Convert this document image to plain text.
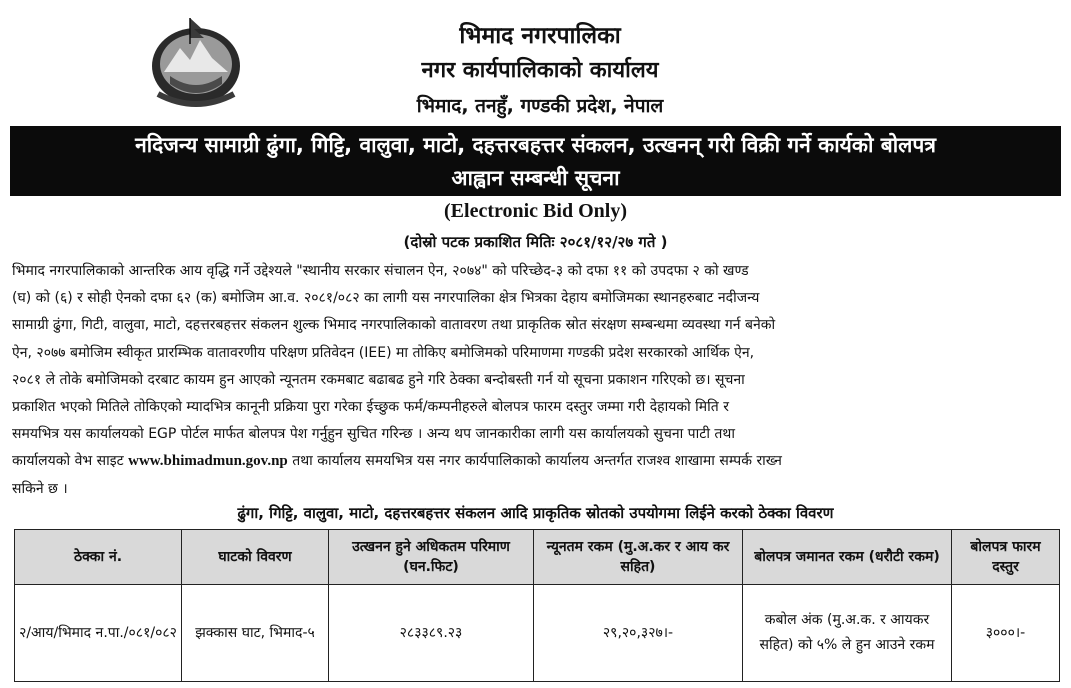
भिमाद नगरपालिका
नगर कार्यपालिकाको कार्यालय
भिमाद, तनहुँ, गण्डकी प्रदेश, नेपाल
नदिजन्य सामाग्री ढुंगा, गिट्टि, वालुवा, माटो, दहत्तरबहत्तर संकलन, उत्खनन् गरी विक्री गर्ने कार्यको बोलपत्र
आह्वान सम्बन्धी सूचना
(Electronic Bid Only)
(दोस्रो पटक प्रकाशित मितिः २०८१/१२/२७ गते )
भिमाद नगरपालिकाको आन्तरिक आय वृद्धि गर्ने उद्देश्यले "स्थानीय सरकार संचालन ऐन, २०७४" को परिच्छेद-३ को दफा ११ को उपदफा २ को खण्ड
(घ) को (६) र सोही ऐनको दफा ६२ (क) बमोजिम आ.व. २०८१/०८२ का लागी यस नगरपालिका क्षेत्र भित्रका देहाय बमोजिमका स्थानहरुबाट नदीजन्य
सामाग्री ढुंगा, गिटी, वालुवा, माटो, दहत्तरबहत्तर संकलन शुल्क भिमाद नगरपालिकाको वातावरण तथा प्राकृतिक स्रोत संरक्षण सम्बन्धमा व्यवस्था गर्न बनेको
ऐन, २०७७ बमोजिम स्वीकृत प्रारम्भिक वातावरणीय परिक्षण प्रतिवेदन (IEE) मा तोकिए बमोजिमको परिमाणमा गण्डकी प्रदेश सरकारको आर्थिक ऐन,
२०८१ ले तोके बमोजिमको दरबाट कायम हुन आएको न्यूनतम रकमबाट बढाबढ हुने गरि ठेक्का बन्दोबस्ती गर्न यो सूचना प्रकाशन गरिएको छ। सूचना
प्रकाशित भएको मितिले तोकिएको म्यादभित्र कानूनी प्रक्रिया पुरा गरेका ईच्छुक फर्म/कम्पनीहरुले बोलपत्र फारम दस्तुर जम्मा गरी देहायको मिति र
समयभित्र यस कार्यालयको EGP पोर्टल मार्फत बोलपत्र पेश गर्नुहुन सुचित गरिन्छ । अन्य थप जानकारीका लागी यस कार्यालयको सुचना पाटी तथा
कार्यालयको वेभ साइट www.bhimadmun.gov.np तथा कार्यालय समयभित्र यस नगर कार्यपालिकाको कार्यालय अन्तर्गत राजश्व शाखामा सम्पर्क राख्न
सकिने छ ।
ढुंगा, गिट्टि, वालुवा, माटो, दहत्तरबहत्तर संकलन आदि प्राकृतिक स्रोतको उपयोगमा लिईने करको ठेक्का विवरण
ठेक्का नं.	घाटको विवरण	उत्खनन हुने अधिकतम परिमाण (घन.फिट)	न्यूनतम रकम (मु.अ.कर र आय कर सहित)	बोलपत्र जमानत रकम (धरौटी रकम)	बोलपत्र फारम दस्तुर
२/आय/भिमाद न.पा./०८१/०८२	झक्कास घाट, भिमाद-५	२८३३८९.२३	२९,२०,३२७।-	कबोल अंक (मु.अ.क. र आयकर सहित) को ५% ले हुन आउने रकम	३०००।-
